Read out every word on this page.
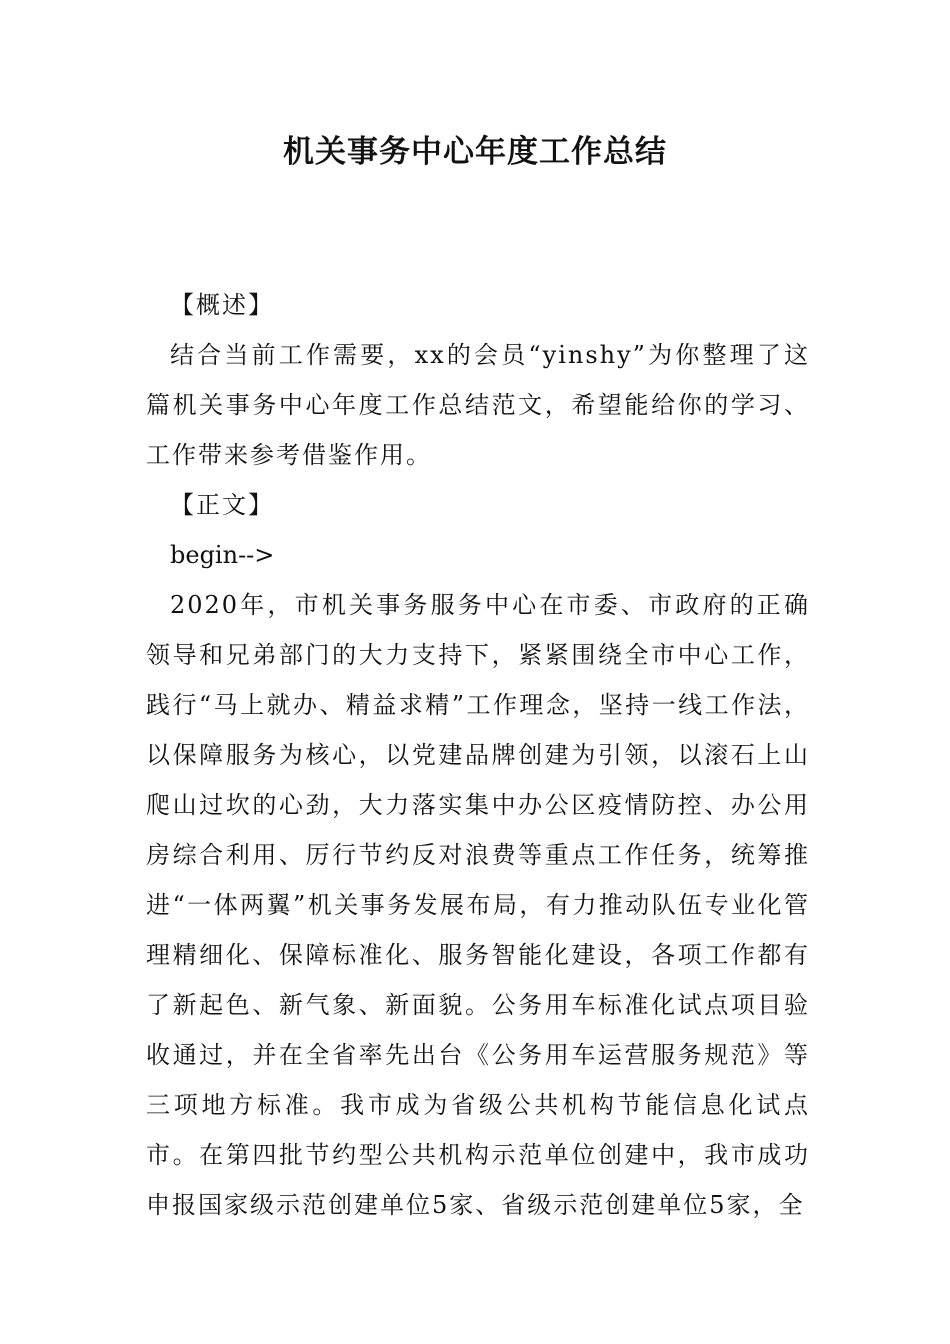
机关事务中心年度工作总结

【概述】

结合当前工作需要，xx的会员“yinshy”为你整理了这篇机关事务中心年度工作总结范文，希望能给你的学习、工作带来参考借鉴作用。

【正文】

begin-->

2020年，市机关事务服务中心在市委、市政府的正确领导和兄弟部门的大力支持下，紧紧围绕全市中心工作，践行“马上就办、精益求精”工作理念，坚持一线工作法，以保障服务为核心，以党建品牌创建为引领，以滚石上山爬山过坎的心劲，大力落实集中办公区疫情防控、办公用房综合利用、厉行节约反对浪费等重点工作任务，统筹推进“一体两翼”机关事务发展布局，有力推动队伍专业化管理精细化、保障标准化、服务智能化建设，各项工作都有了新起色、新气象、新面貌。公务用车标准化试点项目验收通过，并在全省率先出台《公务用车运营服务规范》等三项地方标准。我市成为省级公共机构节能信息化试点市。在第四批节约型公共机构示范单位创建中，我市成功申报国家级示范创建单位5家、省级示范创建单位5家，全
